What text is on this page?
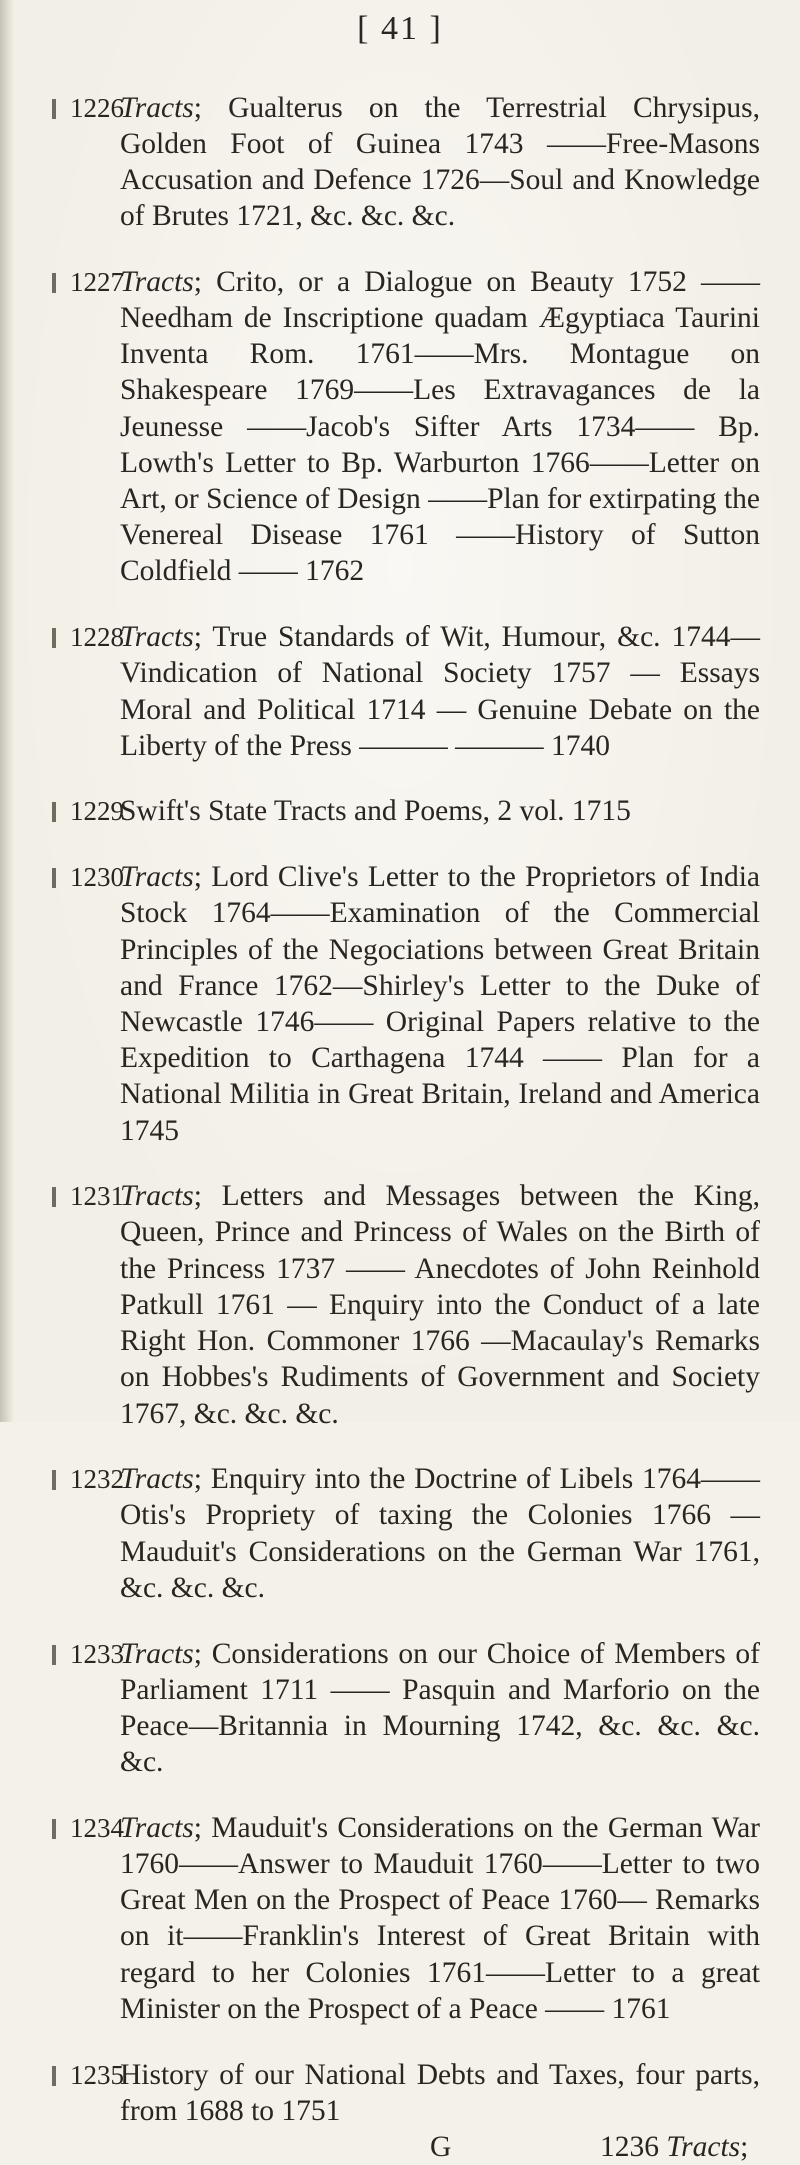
[ 41 ]

1226Tracts; Gualterus on the Terrestrial Chrysipus, Golden Foot of Guinea 1743 ——Free-Masons Accusation and Defence 1726—Soul and Knowledge of Brutes 1721, &c. &c. &c.

1227Tracts; Crito, or a Dialogue on Beauty 1752 —— Needham de Inscriptione quadam Ægyptiaca Taurini Inventa Rom. 1761——Mrs. Montague on Shakespeare 1769——Les Extravagances de la Jeunesse ——Jacob's Sifter Arts 1734—— Bp. Lowth's Letter to Bp. Warburton 1766——Letter on Art, or Science of Design ——Plan for extirpating the Venereal Disease 1761 ——History of Sutton Coldfield —— 1762

1228Tracts; True Standards of Wit, Humour, &c. 1744— Vindication of National Society 1757 — Essays Moral and Political 1714 — Genuine Debate on the Liberty of the Press ——— ——— 1740

1229Swift's State Tracts and Poems, 2 vol. 1715

1230Tracts; Lord Clive's Letter to the Proprietors of India Stock 1764——Examination of the Commercial Principles of the Negociations between Great Britain and France 1762—Shirley's Letter to the Duke of Newcastle 1746—— Original Papers relative to the Expedition to Carthagena 1744 —— Plan for a National Militia in Great Britain, Ireland and America 1745

1231Tracts; Letters and Messages between the King, Queen, Prince and Princess of Wales on the Birth of the Princess 1737 —— Anecdotes of John Reinhold Patkull 1761 — Enquiry into the Conduct of a late Right Hon. Commoner 1766 —Macaulay's Remarks on Hobbes's Rudiments of Government and Society 1767, &c. &c. &c.

1232Tracts; Enquiry into the Doctrine of Libels 1764—— Otis's Propriety of taxing the Colonies 1766 — Mauduit's Considerations on the German War 1761, &c. &c. &c.

1233Tracts; Considerations on our Choice of Members of Parliament 1711 —— Pasquin and Marforio on the Peace—Britannia in Mourning 1742, &c. &c. &c. &c.

1234Tracts; Mauduit's Considerations on the German War 1760——Answer to Mauduit 1760——Letter to two Great Men on the Prospect of Peace 1760— Remarks on it——Franklin's Interest of Great Britain with regard to her Colonies 1761——Letter to a great Minister on the Prospect of a Peace —— 1761

1235History of our National Debts and Taxes, four parts, from 1688 to 1751

G	1236 Tracts;
